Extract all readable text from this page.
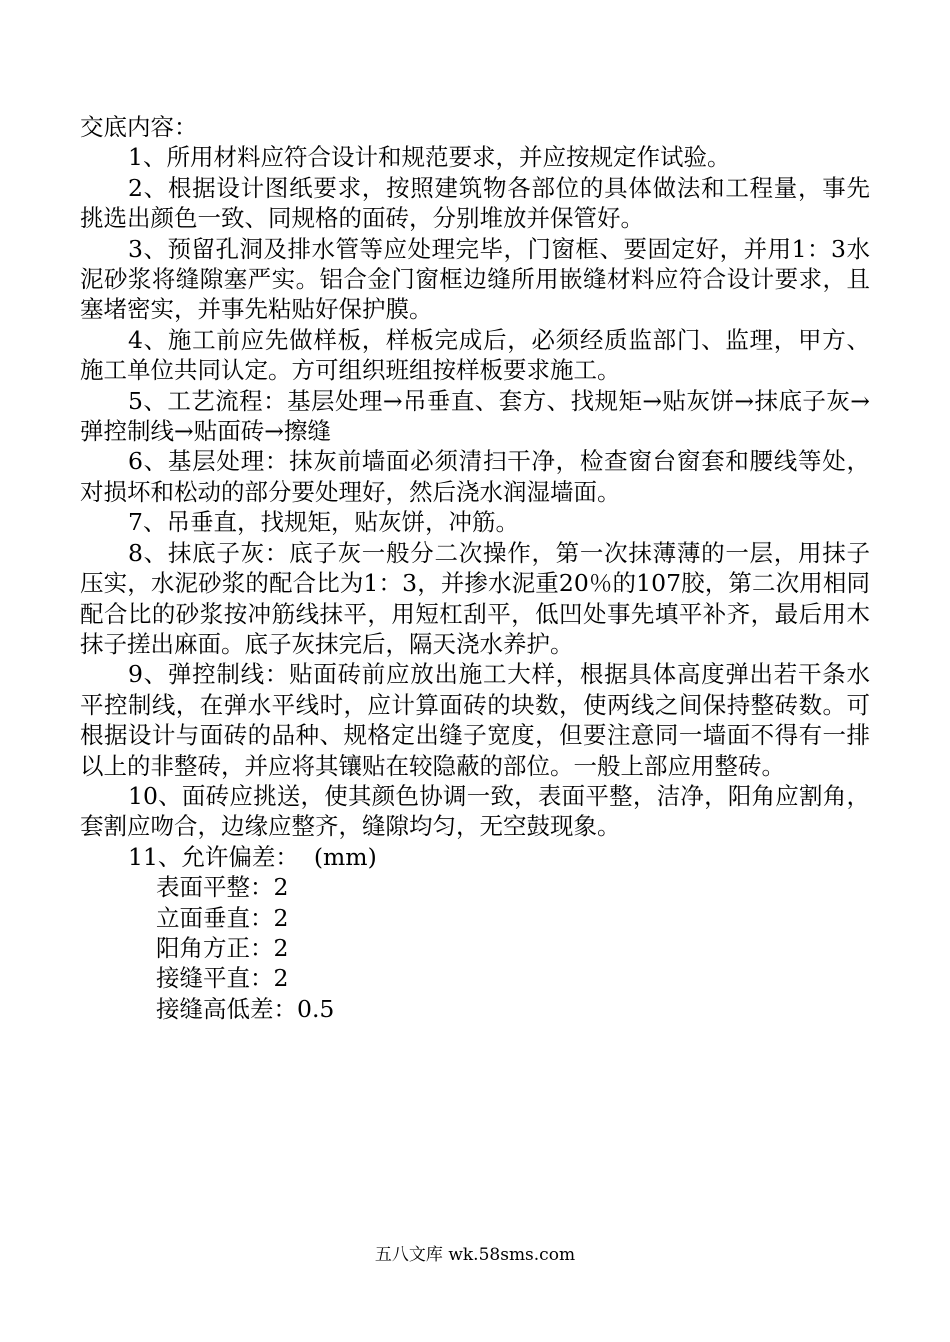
交底内容：

1、所用材料应符合设计和规范要求，并应按规定作试验。

2、根据设计图纸要求，按照建筑物各部位的具体做法和工程量，事先挑选出颜色一致、同规格的面砖，分别堆放并保管好。

3、预留孔洞及排水管等应处理完毕，门窗框、要固定好，并用1：3水泥砂浆将缝隙塞严实。铝合金门窗框边缝所用嵌缝材料应符合设计要求，且塞堵密实，并事先粘贴好保护膜。

4、施工前应先做样板，样板完成后，必须经质监部门、监理，甲方、施工单位共同认定。方可组织班组按样板要求施工。

5、工艺流程：基层处理→吊垂直、套方、找规矩→贴灰饼→抹底子灰→弹控制线→贴面砖→擦缝

6、基层处理：抹灰前墙面必须清扫干净，检查窗台窗套和腰线等处，对损坏和松动的部分要处理好，然后浇水润湿墙面。

7、吊垂直，找规矩，贴灰饼，冲筋。

8、抹底子灰：底子灰一般分二次操作，第一次抹薄薄的一层，用抹子压实，水泥砂浆的配合比为1：3，并掺水泥重20％的107胶，第二次用相同配合比的砂浆按冲筋线抹平，用短杠刮平，低凹处事先填平补齐，最后用木抹子搓出麻面。底子灰抹完后，隔天浇水养护。

9、弹控制线：贴面砖前应放出施工大样，根据具体高度弹出若干条水平控制线，在弹水平线时，应计算面砖的块数，使两线之间保持整砖数。可根据设计与面砖的品种、规格定出缝子宽度，但要注意同一墙面不得有一排以上的非整砖，并应将其镶贴在较隐蔽的部位。一般上部应用整砖。

10、面砖应挑送，使其颜色协调一致，表面平整，洁净，阳角应割角，套割应吻合，边缘应整齐，缝隙均匀，无空鼓现象。

11、允许偏差：  (mm)

表面平整：2

立面垂直：2

阳角方正：2

接缝平直：2

接缝高低差：0.5

五八文库 wk.58sms.com
